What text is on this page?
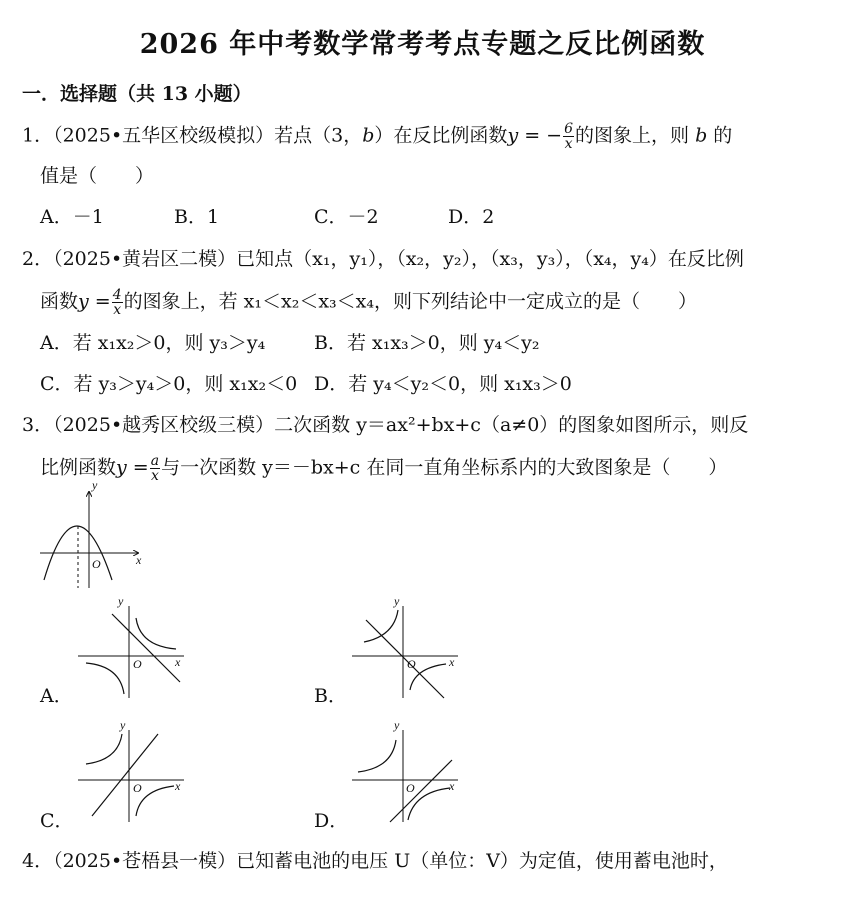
2026 年中考数学常考考点专题之反比例函数
一．选择题（共 13 小题）
1．（2025•五华区校级模拟）若点（3，b）在反比例函数y = − $\frac{6}{x}$ 的图象上，则 b 的
值是（　　）
A．－1	B．1	C．－2	D．2
2．（2025•黄岩区二模）已知点（x₁，y₁），（x₂，y₂），（x₃，y₃），（x₄，y₄）在反比例
函数$y = \frac{4}{x}$ 的图象上，若 x₁＜x₂＜x₃＜x₄，则下列结论中一定成立的是（　　）
A．若 x₁x₂＞0，则 y₃＞y₄	B．若 x₁x₃＞0，则 y₄＜y₂
C．若 y₃＞y₄＞0，则 x₁x₂＜0 D．若 y₄＜y₂＜0，则 x₁x₃＞0
3．（2025•越秀区校级三模）二次函数 y＝ax²+bx+c（a≠0）的图象如图所示，则反
比例函数$y = \frac{a}{x}$ 与一次函数 y＝－bx+c 在同一直角坐标系内的大致图象是（　　）
y
x
O
y
x
O
A．
y
x
O
B．
y
x
O
C．
y
x
O
D．
4．（2025•苍梧县一模）已知蓄电池的电压 U（单位：V）为定值，使用蓄电池时，
